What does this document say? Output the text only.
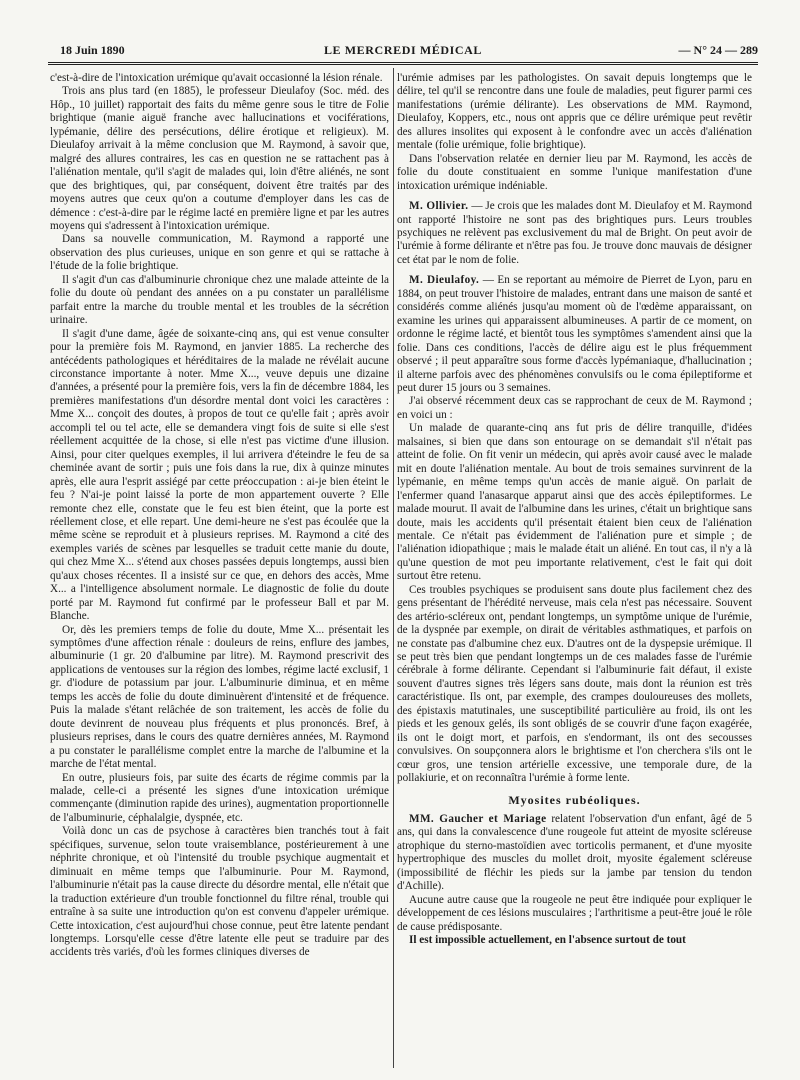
18 Juin 1890	LE MERCREDI MÉDICAL	— N° 24 — 289

c'est-à-dire de l'intoxication urémique qu'avait occasionné la lésion rénale.

Trois ans plus tard (en 1885), le professeur Dieulafoy (Soc. méd. des Hôp., 10 juillet) rapportait des faits du même genre sous le titre de Folie brightique (manie aiguë franche avec hallucinations et vociférations, lypémanie, délire des persécutions, délire érotique et religieux). M. Dieulafoy arrivait à la même conclusion que M. Raymond, à savoir que, malgré des allures contraires, les cas en question ne se rattachent pas à l'aliénation mentale, qu'il s'agit de malades qui, loin d'être aliénés, ne sont que des brightiques, qui, par conséquent, doivent être traités par des moyens autres que ceux qu'on a coutume d'employer dans les cas de démence : c'est-à-dire par le régime lacté en première ligne et par les autres moyens qui s'adressent à l'intoxication urémique.

Dans sa nouvelle communication, M. Raymond a rapporté une observation des plus curieuses, unique en son genre et qui se rattache à l'étude de la folie brightique.

Il s'agit d'un cas d'albuminurie chronique chez une malade atteinte de la folie du doute où pendant des années on a pu constater un parallélisme parfait entre la marche du trouble mental et les troubles de la sécrétion urinaire.

Il s'agit d'une dame, âgée de soixante-cinq ans, qui est venue consulter pour la première fois M. Raymond, en janvier 1885. La recherche des antécédents pathologiques et héréditaires de la malade ne révélait aucune circonstance importante à noter. Mme X..., veuve depuis une dizaine d'années, a présenté pour la première fois, vers la fin de décembre 1884, les premières manifestations d'un désordre mental dont voici les caractères : Mme X... conçoit des doutes, à propos de tout ce qu'elle fait ; après avoir accompli tel ou tel acte, elle se demandera vingt fois de suite si elle s'est réellement acquittée de la chose, si elle n'est pas victime d'une illusion. Ainsi, pour citer quelques exemples, il lui arrivera d'éteindre le feu de sa cheminée avant de sortir ; puis une fois dans la rue, dix à quinze minutes après, elle aura l'esprit assiégé par cette préoccupation : ai-je bien éteint le feu ? N'ai-je point laissé la porte de mon appartement ouverte ? Elle remonte chez elle, constate que le feu est bien éteint, que la porte est réellement close, et elle repart. Une demi-heure ne s'est pas écoulée que la même scène se reproduit et à plusieurs reprises. M. Raymond a cité des exemples variés de scènes par lesquelles se traduit cette manie du doute, qui chez Mme X... s'étend aux choses passées depuis longtemps, aussi bien qu'aux choses récentes. Il a insisté sur ce que, en dehors des accès, Mme X... a l'intelligence absolument normale. Le diagnostic de folie du doute porté par M. Raymond fut confirmé par le professeur Ball et par M. Blanche.

Or, dès les premiers temps de folie du doute, Mme X... présentait les symptômes d'une affection rénale : douleurs de reins, enflure des jambes, albuminurie (1 gr. 20 d'albumine par litre). M. Raymond prescrivit des applications de ventouses sur la région des lombes, régime lacté exclusif, 1 gr. d'iodure de potassium par jour. L'albuminurie diminua, et en même temps les accès de folie du doute diminuèrent d'intensité et de fréquence. Puis la malade s'étant relâchée de son traitement, les accès de folie du doute devinrent de nouveau plus fréquents et plus prononcés. Bref, à plusieurs reprises, dans le cours des quatre dernières années, M. Raymond a pu constater le parallélisme complet entre la marche de l'albumine et la marche de l'état mental.

En outre, plusieurs fois, par suite des écarts de régime commis par la malade, celle-ci a présenté les signes d'une intoxication urémique commençante (diminution rapide des urines), augmentation proportionnelle de l'albuminurie, céphalalgie, dyspnée, etc.

Voilà donc un cas de psychose à caractères bien tranchés tout à fait spécifiques, survenue, selon toute vraisemblance, postérieurement à une néphrite chronique, et où l'intensité du trouble psychique augmentait et diminuait en même temps que l'albuminurie. Pour M. Raymond, l'albuminurie n'était pas la cause directe du désordre mental, elle n'était que la traduction extérieure d'un trouble fonctionnel du filtre rénal, trouble qui entraîne à sa suite une introduction qu'on est convenu d'appeler urémique. Cette intoxication, c'est aujourd'hui chose connue, peut être latente pendant longtemps. Lorsqu'elle cesse d'être latente elle peut se traduire par des accidents très variés, d'où les formes cliniques diverses de

l'urémie admises par les pathologistes. On savait depuis longtemps que le délire, tel qu'il se rencontre dans une foule de maladies, peut figurer parmi ces manifestations (urémie délirante). Les observations de MM. Raymond, Dieulafoy, Koppers, etc., nous ont appris que ce délire urémique peut revêtir des allures insolites qui exposent à le confondre avec un accès d'aliénation mentale (folie urémique, folie brightique).

Dans l'observation relatée en dernier lieu par M. Raymond, les accès de folie du doute constituaient en somme l'unique manifestation d'une intoxication urémique indéniable.

M. Ollivier. — Je crois que les malades dont M. Dieulafoy et M. Raymond ont rapporté l'histoire ne sont pas des brightiques purs. Leurs troubles psychiques ne relèvent pas exclusivement du mal de Bright. On peut avoir de l'urémie à forme délirante et n'être pas fou. Je trouve donc mauvais de désigner cet état par le nom de folie.

M. Dieulafoy. — En se reportant au mémoire de Pierret de Lyon, paru en 1884, on peut trouver l'histoire de malades, entrant dans une maison de santé et considérés comme aliénés jusqu'au moment où de l'œdème apparaissant, on examine les urines qui apparaissent albumineuses. A partir de ce moment, on ordonne le régime lacté, et bientôt tous les symptômes s'amendent ainsi que la folie. Dans ces conditions, l'accès de délire aigu est le plus fréquemment observé ; il peut apparaître sous forme d'accès lypémaniaque, d'hallucination ; il alterne parfois avec des phénomènes convulsifs ou le coma épileptiforme et peut durer 15 jours ou 3 semaines.

J'ai observé récemment deux cas se rapprochant de ceux de M. Raymond ; en voici un :

Un malade de quarante-cinq ans fut pris de délire tranquille, d'idées malsaines, si bien que dans son entourage on se demandait s'il n'était pas atteint de folie. On fit venir un médecin, qui après avoir causé avec le malade mit en doute l'aliénation mentale. Au bout de trois semaines survinrent de la lypémanie, en même temps qu'un accès de manie aiguë. On parlait de l'enfermer quand l'anasarque apparut ainsi que des accès épileptiformes. Le malade mourut. Il avait de l'albumine dans les urines, c'était un brightique sans doute, mais les accidents qu'il présentait étaient bien ceux de l'aliénation mentale. Ce n'était pas évidemment de l'aliénation pure et simple ; de l'aliénation idiopathique ; mais le malade était un aliéné. En tout cas, il n'y a là qu'une question de mot peu importante relativement, c'est le fait qui doit surtout être retenu.

Ces troubles psychiques se produisent sans doute plus facilement chez des gens présentant de l'hérédité nerveuse, mais cela n'est pas nécessaire. Souvent des artério-scléreux ont, pendant longtemps, un symptôme unique de l'urémie, de la dyspnée par exemple, on dirait de véritables asthmatiques, et parfois on ne constate pas d'albumine chez eux. D'autres ont de la dyspepsie urémique. Il se peut très bien que pendant longtemps un de ces malades fasse de l'urémie cérébrale à forme délirante. Cependant si l'albuminurie fait défaut, il existe souvent d'autres signes très légers sans doute, mais dont la réunion est très caractéristique. Ils ont, par exemple, des crampes douloureuses des mollets, des épistaxis matutinales, une susceptibilité particulière au froid, ils ont les pieds et les genoux gelés, ils sont obligés de se couvrir d'une façon exagérée, ils ont le doigt mort, et parfois, en s'endormant, ils ont des secousses convulsives. On soupçonnera alors le brightisme et l'on cherchera s'ils ont le cœur gros, une tension artérielle excessive, une temporale dure, de la pollakiurie, et on reconnaîtra l'urémie à forme lente.

Myosites rubéoliques.

MM. Gaucher et Mariage relatent l'observation d'un enfant, âgé de 5 ans, qui dans la convalescence d'une rougeole fut atteint de myosite scléreuse atrophique du sterno-mastoïdien avec torticolis permanent, et d'une myosite hypertrophique des muscles du mollet droit, myosite également scléreuse (impossibilité de fléchir les pieds sur la jambe par tension du tendon d'Achille).

Aucune autre cause que la rougeole ne peut être indiquée pour expliquer le développement de ces lésions musculaires ; l'arthritisme a peut-être joué le rôle de cause prédisposante.

Il est impossible actuellement, en l'absence surtout de tout
